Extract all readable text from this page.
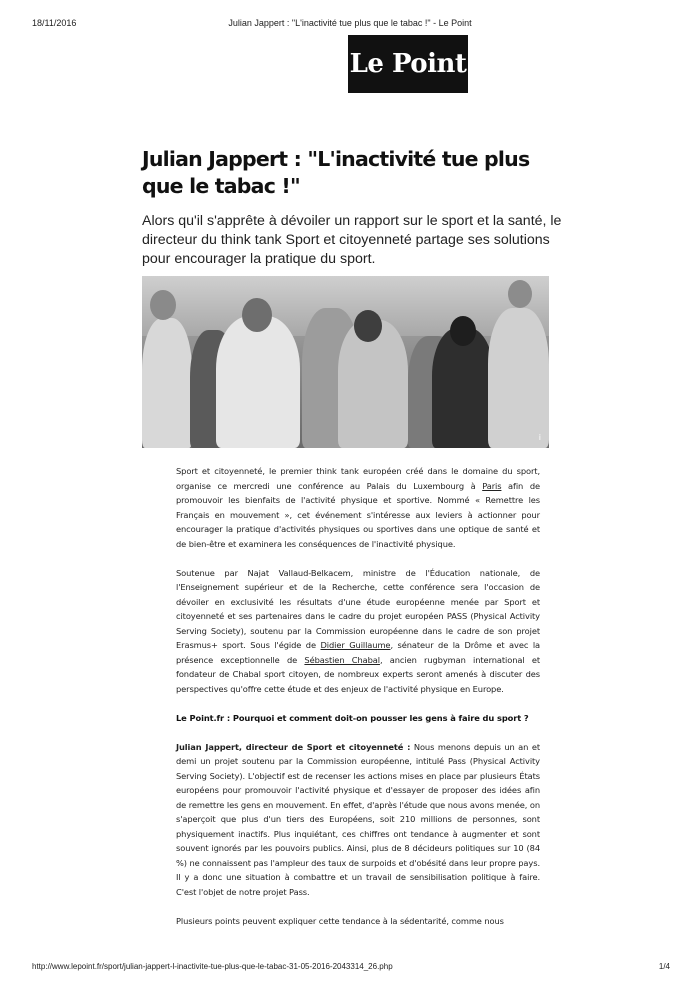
18/11/2016	Julian Jappert : "L'inactivité tue plus que le tabac !" - Le Point
Le Point
Julian Jappert : "L'inactivité tue plus que le tabac !"

Alors qu'il s'apprête à dévoiler un rapport sur le sport et la santé, le directeur du think tank Sport et citoyenneté partage ses solutions pour encourager la pratique du sport.

i

Sport et citoyenneté, le premier think tank européen créé dans le domaine du sport, organise ce mercredi une conférence au Palais du Luxembourg à Paris afin de promouvoir les bienfaits de l'activité physique et sportive. Nommé « Remettre les Français en mouvement », cet événement s'intéresse aux leviers à actionner pour encourager la pratique d'activités physiques ou sportives dans une optique de santé et de bien-être et examinera les conséquences de l'inactivité physique.

Soutenue par Najat Vallaud-Belkacem, ministre de l'Éducation nationale, de l'Enseignement supérieur et de la Recherche, cette conférence sera l'occasion de dévoiler en exclusivité les résultats d'une étude européenne menée par Sport et citoyenneté et ses partenaires dans le cadre du projet européen PASS (Physical Activity Serving Society), soutenu par la Commission européenne dans le cadre de son projet Erasmus+ sport. Sous l'égide de Didier Guillaume, sénateur de la Drôme et avec la présence exceptionnelle de Sébastien Chabal, ancien rugbyman international et fondateur de Chabal sport citoyen, de nombreux experts seront amenés à discuter des perspectives qu'offre cette étude et des enjeux de l'activité physique en Europe.

Le Point.fr : Pourquoi et comment doit-on pousser les gens à faire du sport ?

Julian Jappert, directeur de Sport et citoyenneté : Nous menons depuis un an et demi un projet soutenu par la Commission européenne, intitulé Pass (Physical Activity Serving Society). L'objectif est de recenser les actions mises en place par plusieurs États européens pour promouvoir l'activité physique et d'essayer de proposer des idées afin de remettre les gens en mouvement. En effet, d'après l'étude que nous avons menée, on s'aperçoit que plus d'un tiers des Européens, soit 210 millions de personnes, sont physiquement inactifs. Plus inquiétant, ces chiffres ont tendance à augmenter et sont souvent ignorés par les pouvoirs publics. Ainsi, plus de 8 décideurs politiques sur 10 (84 %) ne connaissent pas l'ampleur des taux de surpoids et d'obésité dans leur propre pays. Il y a donc une situation à combattre et un travail de sensibilisation politique à faire. C'est l'objet de notre projet Pass.

Plusieurs points peuvent expliquer cette tendance à la sédentarité, comme nous

http://www.lepoint.fr/sport/julian-jappert-l-inactivite-tue-plus-que-le-tabac-31-05-2016-2043314_26.php	1/4
